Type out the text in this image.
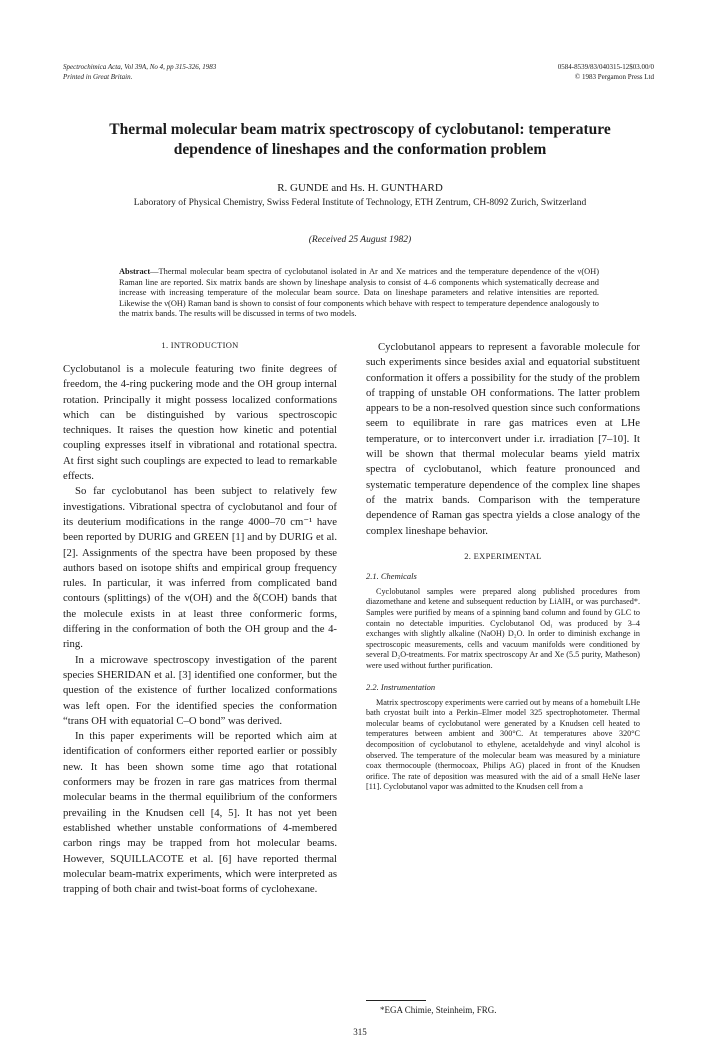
Spectrochimica Acta, Vol 39A, No 4, pp 315-326, 1983
Printed in Great Britain.
0584-8539/83/040315-12$03.00/0
© 1983 Pergamon Press Ltd
Thermal molecular beam matrix spectroscopy of cyclobutanol: temperature dependence of lineshapes and the conformation problem
R. GUNDE and Hs. H. GUNTHARD
Laboratory of Physical Chemistry, Swiss Federal Institute of Technology, ETH Zentrum, CH-8092 Zurich, Switzerland
(Received 25 August 1982)
Abstract—Thermal molecular beam spectra of cyclobutanol isolated in Ar and Xe matrices and the temperature dependence of the ν(OH) Raman line are reported. Six matrix bands are shown by lineshape analysis to consist of 4–6 components which systematically decrease and increase with increasing temperature of the molecular beam source. Data on lineshape parameters and relative intensities are reported. Likewise the ν(OH) Raman band is shown to consist of four components which behave with respect to temperature dependence analogously to the matrix bands. The results will be discussed in terms of two models.
1. INTRODUCTION

Cyclobutanol is a molecule featuring two finite degrees of freedom, the 4-ring puckering mode and the OH group internal rotation. Principally it might possess localized conformations which can be distinguished by various spectroscopic techniques. It raises the question how kinetic and potential coupling expresses itself in vibrational and rotational spectra. At first sight such couplings are expected to lead to remarkable effects.

So far cyclobutanol has been subject to relatively few investigations. Vibrational spectra of cyclobutanol and four of its deuterium modifications in the range 4000–70 cm⁻¹ have been reported by DURIG and GREEN [1] and by DURIG et al. [2]. Assignments of the spectra have been proposed by these authors based on isotope shifts and empirical group frequency rules. In particular, it was inferred from complicated band contours (splittings) of the ν(OH) and the δ(COH) bands that the molecule exists in at least three conformeric forms, differing in the conformation of both the OH group and the 4-ring.

In a microwave spectroscopy investigation of the parent species SHERIDAN et al. [3] identified one conformer, but the question of the existence of further localized conformations was left open. For the identified species the conformation “trans OH with equatorial C–O bond” was derived.

In this paper experiments will be reported which aim at identification of conformers either reported earlier or possibly new. It has been shown some time ago that rotational conformers may be frozen in rare gas matrices from thermal molecular beams in the thermal equilibrium of the conformers prevailing in the Knudsen cell [4, 5]. It has not yet been established whether unstable conformations of 4-membered carbon rings may be trapped from hot molecular beams. However, SQUILLACOTE et al. [6] have reported thermal molecular beam-matrix experiments, which were interpreted as trapping of both chair and twist-boat forms of cyclohexane.

Cyclobutanol appears to represent a favorable molecule for such experiments since besides axial and equatorial substituent conformation it offers a possibility for the study of the problem of trapping of unstable OH conformations. The latter problem appears to be a non-resolved question since such conformations seem to equilibrate in rare gas matrices even at LHe temperature, or to interconvert under i.r. irradiation [7–10]. It will be shown that thermal molecular beams yield matrix spectra of cyclobutanol, which feature pronounced and systematic temperature dependence of the complex line shapes of the matrix bands. Comparison with the temperature dependence of Raman gas spectra yields a close analogy of the complex lineshape behavior.

2. EXPERIMENTAL
2.1. Chemicals

Cyclobutanol samples were prepared along published procedures from diazomethane and ketene and subsequent reduction by LiAlH₄ or was purchased*. Samples were purified by means of a spinning band column and found by GLC to contain no detectable impurities. Cyclobutanol Od₁ was produced by 3–4 exchanges with slightly alkaline (NaOH) D₂O. In order to diminish exchange in spectroscopic measurements, cells and vacuum manifolds were conditioned by several D₂O-treatments. For matrix spectroscopy Ar and Xe (5.5 purity, Matheson) were used without further purification.

2.2. Instrumentation

Matrix spectroscopy experiments were carried out by means of a homebuilt LHe bath cryostat built into a Perkin–Elmer model 325 spectrophotometer. Thermal molecular beams of cyclobutanol were generated by a Knudsen cell heated to temperatures between ambient and 300°C. At temperatures above 320°C decomposition of cyclobutanol to ethylene, acetaldehyde and vinyl alcohol is observed. The temperature of the molecular beam was measured by a miniature coax thermocouple (thermocoax, Philips AG) placed in front of the Knudsen orifice. The rate of deposition was measured with the aid of a small HeNe laser [11]. Cyclobutanol vapor was admitted to the Knudsen cell from a

*EGA Chimie, Steinheim, FRG.
315
